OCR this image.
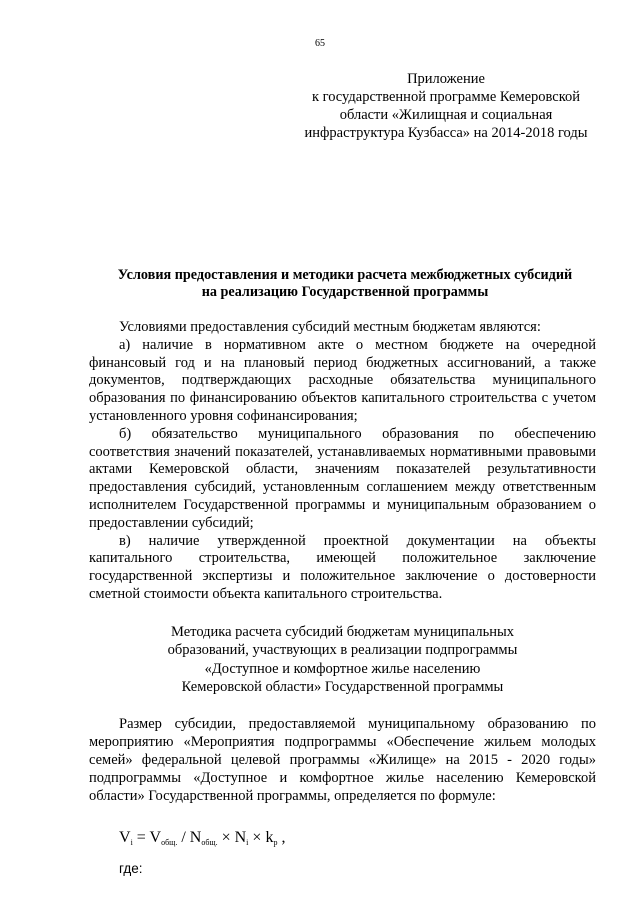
65
Приложение
к государственной программе Кемеровской
области «Жилищная и социальная
инфраструктура Кузбасса» на 2014-2018 годы
Условия предоставления и методики расчета межбюджетных субсидий
на реализацию Государственной программы

Условиями предоставления субсидий местным бюджетам являются:

а) наличие в нормативном акте о местном бюджете на очередной финансовый год и на плановый период бюджетных ассигнований, а также документов, подтверждающих расходные обязательства муниципального образования по финансированию объектов капитального строительства с учетом установленного уровня софинансирования;

б) обязательство муниципального образования по обеспечению соответствия значений показателей, устанавливаемых нормативными правовыми актами Кемеровской области, значениям показателей результативности предоставления субсидий, установленным соглашением между ответственным исполнителем Государственной программы и муниципальным образованием о предоставлении субсидий;

в) наличие утвержденной проектной документации на объекты капитального строительства, имеющей положительное заключение государственной экспертизы и положительное заключение о достоверности сметной стоимости объекта капитального строительства.

Методика расчета субсидий бюджетам муниципальных
образований, участвующих в реализации подпрограммы
«Доступное и комфортное жилье населению
Кемеровской области» Государственной программы

Размер субсидии, предоставляемой муниципальному образованию по мероприятию «Мероприятия подпрограммы «Обеспечение жильем молодых семей» федеральной целевой программы «Жилище» на 2015 - 2020 годы» подпрограммы «Доступное и комфортное жилье населению Кемеровской области» Государственной программы, определяется по формуле:

$V_i = V_{общ.} / N_{общ.} \times N_i \times k_p$ ,
где:
